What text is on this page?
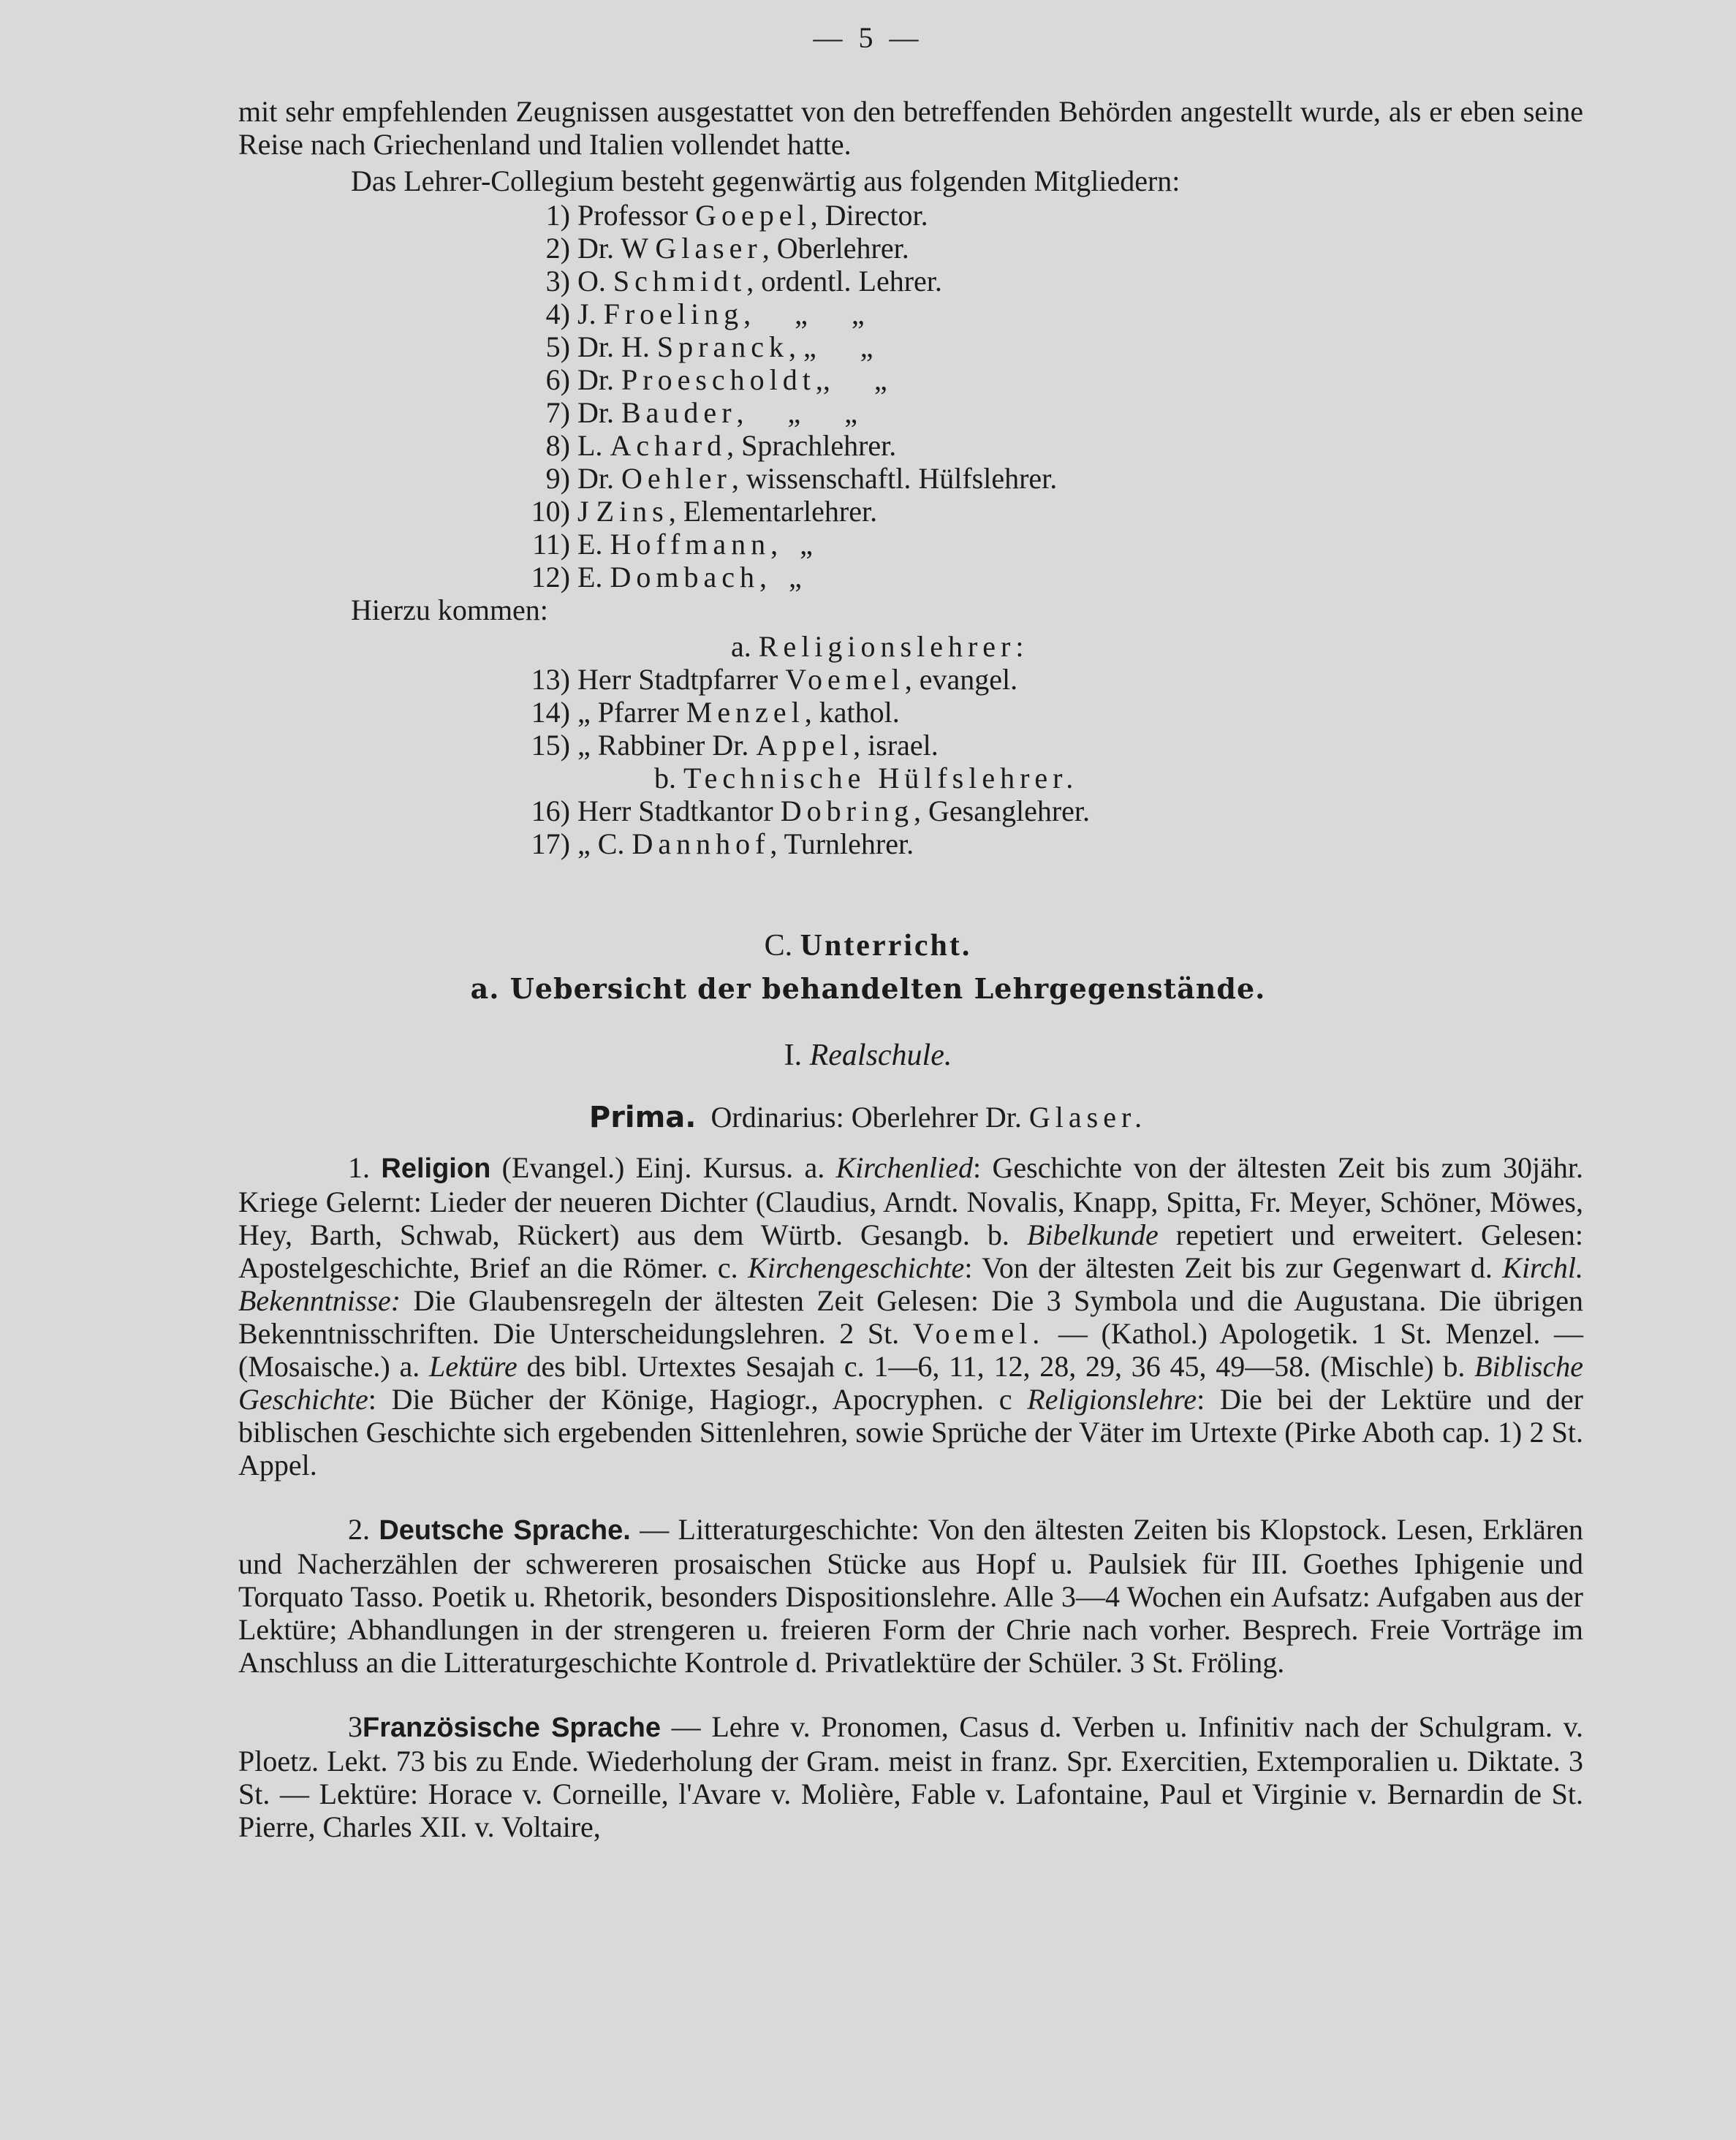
— 5 —

mit sehr empfehlenden Zeugnissen ausgestattet von den betreffenden Behörden angestellt wurde, als er eben seine Reise nach Griechenland und Italien vollendet hatte.

Das Lehrer-Collegium besteht gegenwärtig aus folgenden Mitgliedern:

1) Professor Goepel, Director.
2) Dr. W Glaser, Oberlehrer.
3) O. Schmidt, ordentl. Lehrer.
4) J. Froeling,      „      „
5) Dr. H. Spranck, „      „
6) Dr. Proescholdt,,      „
7) Dr. Bauder,      „      „
8) L. Achard, Sprachlehrer.
9) Dr. Oehler, wissenschaftl. Hülfslehrer.
10) J Zins, Elementarlehrer.
11) E. Hoffmann,   „
12) E. Dombach,   „
Hierzu kommen:
a. Religionslehrer:
13) Herr Stadtpfarrer Voemel, evangel.
14) „ Pfarrer Menzel, kathol.
15) „ Rabbiner Dr. Appel, israel.
b. Technische Hülfslehrer.
16) Herr Stadtkantor Dobring, Gesanglehrer.
17) „ C. Dannhof, Turnlehrer.
C. Unterricht.
a. Uebersicht der behandelten Lehrgegenstände.
I. Realschule.
Prima. Ordinarius: Oberlehrer Dr. Glaser.

1. Religion (Evangel.) Einj. Kursus. a. Kirchenlied: Geschichte von der ältesten Zeit bis zum 30jähr. Kriege Gelernt: Lieder der neueren Dichter (Claudius, Arndt. Novalis, Knapp, Spitta, Fr. Meyer, Schöner, Möwes, Hey, Barth, Schwab, Rückert) aus dem Würtb. Gesangb. b. Bibelkunde repetiert und erweitert. Gelesen: Apostelgeschichte, Brief an die Römer. c. Kirchengeschichte: Von der ältesten Zeit bis zur Gegenwart d. Kirchl. Bekenntnisse: Die Glaubensregeln der ältesten Zeit Gelesen: Die 3 Symbola und die Augustana. Die übrigen Bekenntnisschriften. Die Unterscheidungslehren. 2 St. Voemel. — (Kathol.) Apologetik. 1 St. Menzel. — (Mosaische.) a. Lektüre des bibl. Urtextes Sesajah c. 1—6, 11, 12, 28, 29, 36 45, 49—58. (Mischle) b. Biblische Geschichte: Die Bücher der Könige, Hagiogr., Apocryphen. c Religionslehre: Die bei der Lektüre und der biblischen Geschichte sich ergebenden Sittenlehren, sowie Sprüche der Väter im Urtexte (Pirke Aboth cap. 1) 2 St. Appel.

2. Deutsche Sprache. — Litteraturgeschichte: Von den ältesten Zeiten bis Klopstock. Lesen, Erklären und Nacherzählen der schwereren prosaischen Stücke aus Hopf u. Paulsiek für III. Goethes Iphigenie und Torquato Tasso. Poetik u. Rhetorik, besonders Dispositionslehre. Alle 3—4 Wochen ein Aufsatz: Aufgaben aus der Lektüre; Abhandlungen in der strengeren u. freieren Form der Chrie nach vorher. Besprech. Freie Vorträge im Anschluss an die Litteraturgeschichte Kontrole d. Privatlektüre der Schüler. 3 St. Fröling.

3Französische Sprache — Lehre v. Pronomen, Casus d. Verben u. Infinitiv nach der Schulgram. v. Ploetz. Lekt. 73 bis zu Ende. Wiederholung der Gram. meist in franz. Spr. Exercitien, Extemporalien u. Diktate. 3 St. — Lektüre: Horace v. Corneille, l'Avare v. Molière, Fable v. Lafontaine, Paul et Virginie v. Bernardin de St. Pierre, Charles XII. v. Voltaire,
